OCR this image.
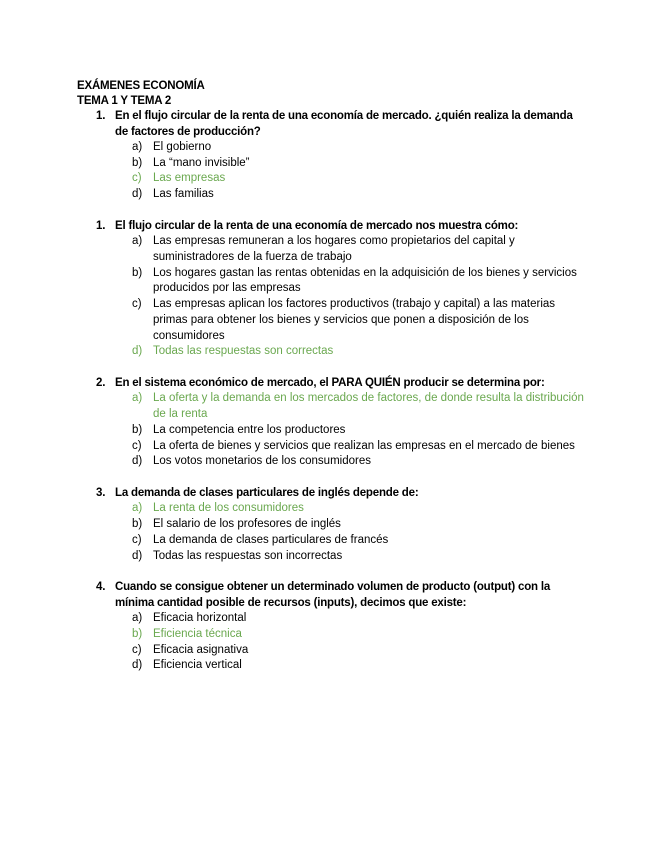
EXÁMENES ECONOMÍA
TEMA 1 Y TEMA 2
1. En el flujo circular de la renta de una economía de mercado. ¿quién realiza la demanda de factores de producción?
a) El gobierno
b) La “mano invisible”
c) Las empresas
d) Las familias
1. El flujo circular de la renta de una economía de mercado nos muestra cómo:
a) Las empresas remuneran a los hogares como propietarios del capital y suministradores de la fuerza de trabajo
b) Los hogares gastan las rentas obtenidas en la adquisición de los bienes y servicios producidos por las empresas
c) Las empresas aplican los factores productivos (trabajo y capital) a las materias primas para obtener los bienes y servicios que ponen a disposición de los consumidores
d) Todas las respuestas son correctas
2. En el sistema económico de mercado, el PARA QUIÉN producir se determina por:
a) La oferta y la demanda en los mercados de factores, de donde resulta la distribución de la renta
b) La competencia entre los productores
c) La oferta de bienes y servicios que realizan las empresas en el mercado de bienes
d) Los votos monetarios de los consumidores
3. La demanda de clases particulares de inglés depende de:
a) La renta de los consumidores
b) El salario de los profesores de inglés
c) La demanda de clases particulares de francés
d) Todas las respuestas son incorrectas
4. Cuando se consigue obtener un determinado volumen de producto (output) con la mínima cantidad posible de recursos (inputs), decimos que existe:
a) Eficacia horizontal
b) Eficiencia técnica
c) Eficacia asignativa
d) Eficiencia vertical
